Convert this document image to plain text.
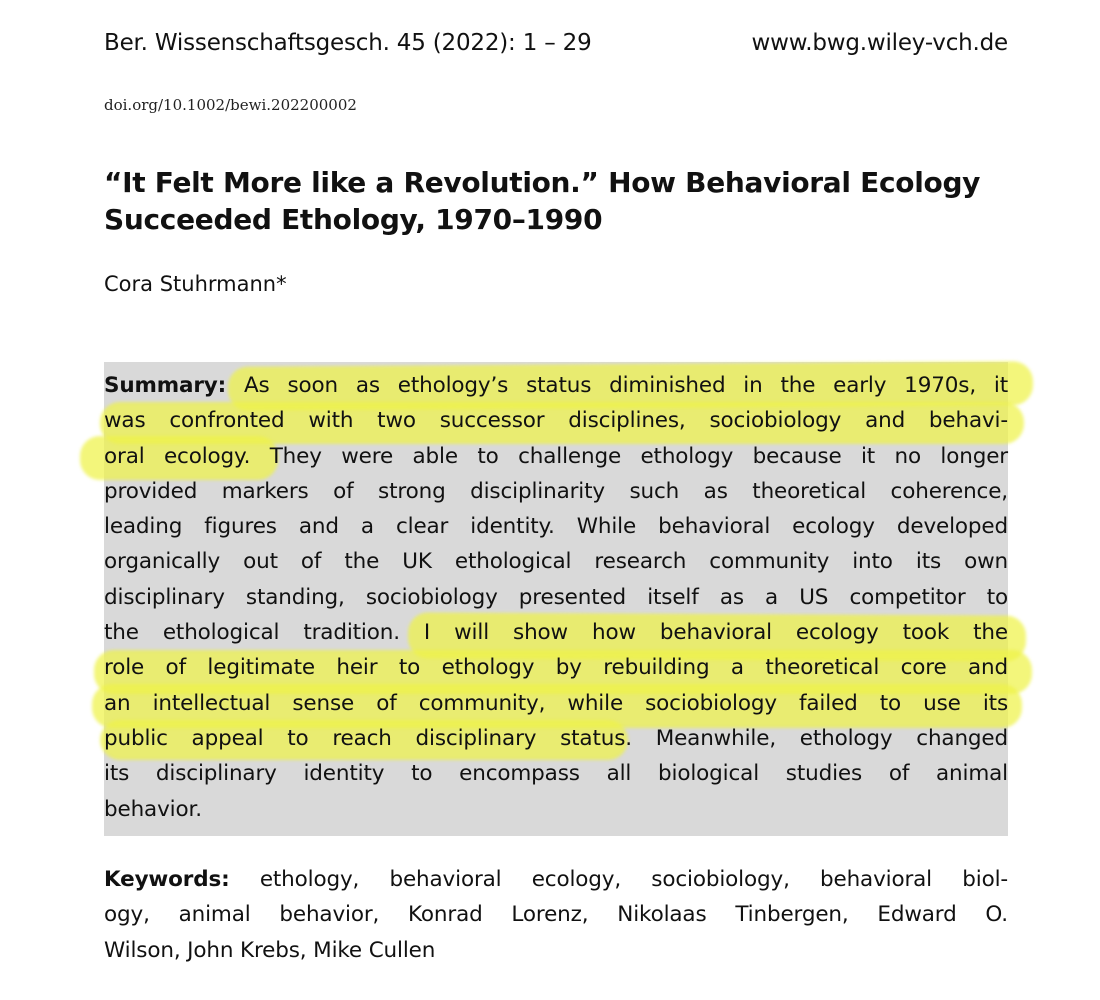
Ber. Wissenschaftsgesch. 45 (2022): 1 – 29	www.bwg.wiley-vch.de
doi.org/10.1002/bewi.202200002
“It Felt More like a Revolution.” How Behavioral Ecology
Succeeded Ethology, 1970–1990
Cora Stuhrmann*
Summary: As soon as ethology’s status diminished in the early 1970s, it
was confronted with two successor disciplines, sociobiology and behavi-
oral ecology. They were able to challenge ethology because it no longer
provided markers of strong disciplinarity such as theoretical coherence,
leading figures and a clear identity. While behavioral ecology developed
organically out of the UK ethological research community into its own
disciplinary standing, sociobiology presented itself as a US competitor to
the ethological tradition. I will show how behavioral ecology took the
role of legitimate heir to ethology by rebuilding a theoretical core and
an intellectual sense of community, while sociobiology failed to use its
public appeal to reach disciplinary status. Meanwhile, ethology changed
its disciplinary identity to encompass all biological studies of animal
behavior.
Keywords: ethology, behavioral ecology, sociobiology, behavioral biol-
ogy, animal behavior, Konrad Lorenz, Nikolaas Tinbergen, Edward O.
Wilson, John Krebs, Mike Cullen
